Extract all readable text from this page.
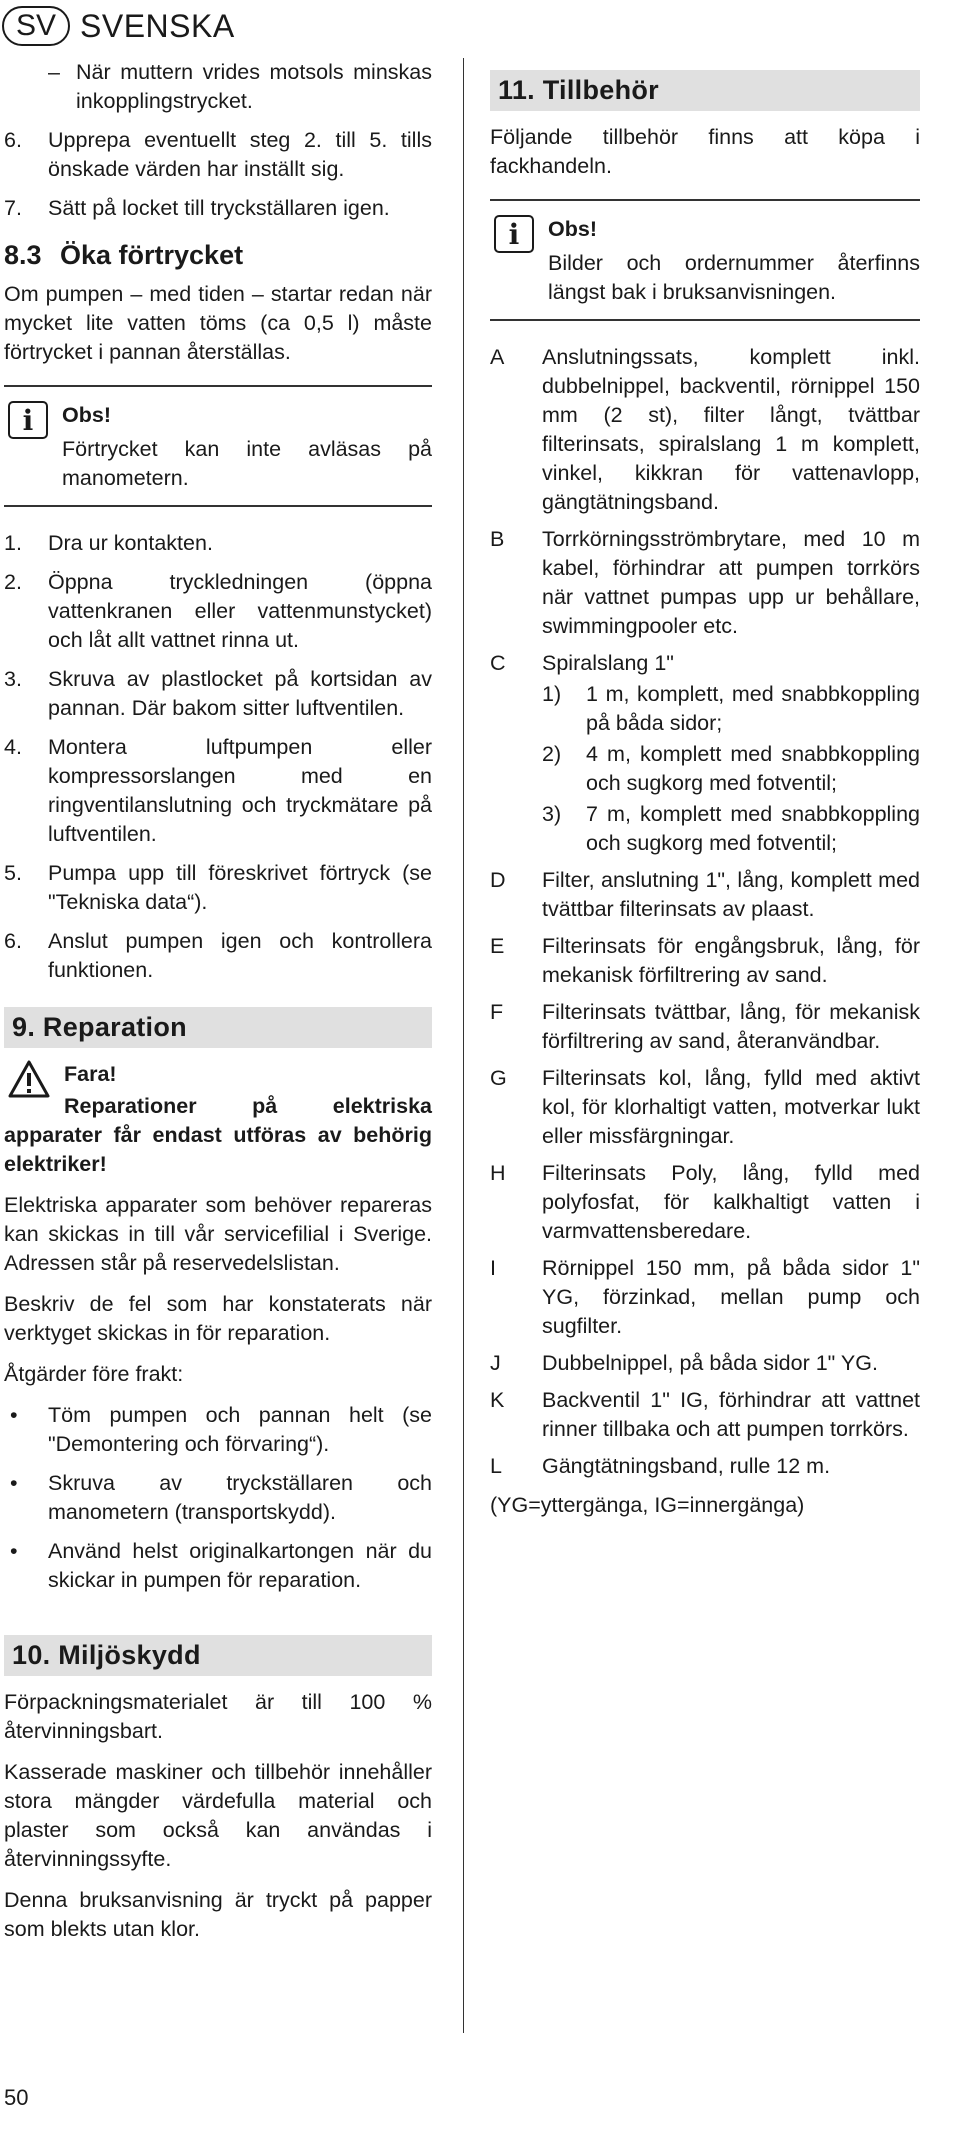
SV SVENSKA
– När muttern vrides motsols minskas inkopplingstrycket.
6.	Upprepa eventuellt steg 2. till 5. tills önskade värden har inställt sig.
7.	Sätt på locket till tryckställaren igen.
8.3 Öka förtrycket

Om pumpen – med tiden – startar redan när mycket lite vatten töms (ca 0,5 l) måste förtrycket i pannan återställas.

i	Obs!
Förtrycket kan inte avläsas på manometern.
1.	Dra ur kontakten.
2.	Öppna tryckledningen (öppna vattenkranen eller vattenmunstycket) och låt allt vattnet rinna ut.
3.	Skruva av plastlocket på kortsidan av pannan. Där bakom sitter luftventilen.
4.	Montera luftpumpen eller kompressorslangen med en ringventilanslutning och tryckmätare på luftventilen.
5.	Pumpa upp till föreskrivet förtryck (se "Tekniska data“).
6.	Anslut pumpen igen och kontrollera funktionen.
9. Reparation
Fara!
Reparationer på elektriska apparater får endast utföras av behörig elektriker!

Elektriska apparater som behöver repareras kan skickas in till vår servicefilial i Sverige. Adressen står på reservedelslistan.

Beskriv de fel som har konstaterats när verktyget skickas in för reparation.

Åtgärder före frakt:

•	Töm pumpen och pannan helt (se "Demontering och förvaring“).
•	Skruva av tryckställaren och manometern (transportskydd).
•	Använd helst originalkartongen när du skickar in pumpen för reparation.
10. Miljöskydd

Förpackningsmaterialet är till 100 % återvinningsbart.

Kasserade maskiner och tillbehör innehåller stora mängder värdefulla material och plaster som också kan användas i återvinningssyfte.

Denna bruksanvisning är tryckt på papper som blekts utan klor.

11. Tillbehör

Följande tillbehör finns att köpa i fackhandeln.

i	Obs!
Bilder och ordernummer återfinns längst bak i bruksanvisningen.
A	Anslutningssats, komplett inkl. dubbelnippel, backventil, rörnippel 150 mm (2 st), filter långt, tvättbar filterinsats, spiralslang 1 m komplett, vinkel, kikkran för vattenavlopp, gängtätningsband.
B	Torrkörningsströmbrytare, med 10 m kabel, förhindrar att pumpen torrkörs när vattnet pumpas upp ur behållare, swimmingpooler etc.
C	Spiralslang 1"
1)	1 m, komplett, med snabbkoppling på båda sidor;
2)	4 m, komplett med snabbkoppling och sugkorg med fotventil;
3)	7 m, komplett med snabbkoppling och sugkorg med fotventil;
D	Filter, anslutning 1", lång, komplett med tvättbar filterinsats av plaast.
E	Filterinsats för engångsbruk, lång, för mekanisk förfiltrering av sand.
F	Filterinsats tvättbar, lång, för mekanisk förfiltrering av sand, återanvändbar.
G	Filterinsats kol, lång, fylld med aktivt kol, för klorhaltigt vatten, motverkar lukt eller missfärgningar.
H	Filterinsats Poly, lång, fylld med polyfosfat, för kalkhaltigt vatten i varmvattensberedare.
I	Rörnippel 150 mm, på båda sidor 1" YG, förzinkad, mellan pump och sugfilter.
J	Dubbelnippel, på båda sidor 1" YG.
K	Backventil 1" IG, förhindrar att vattnet rinner tillbaka och att pumpen torrkörs.
L	Gängtätningsband, rulle 12 m.

(YG=yttergänga, IG=innergänga)

50
